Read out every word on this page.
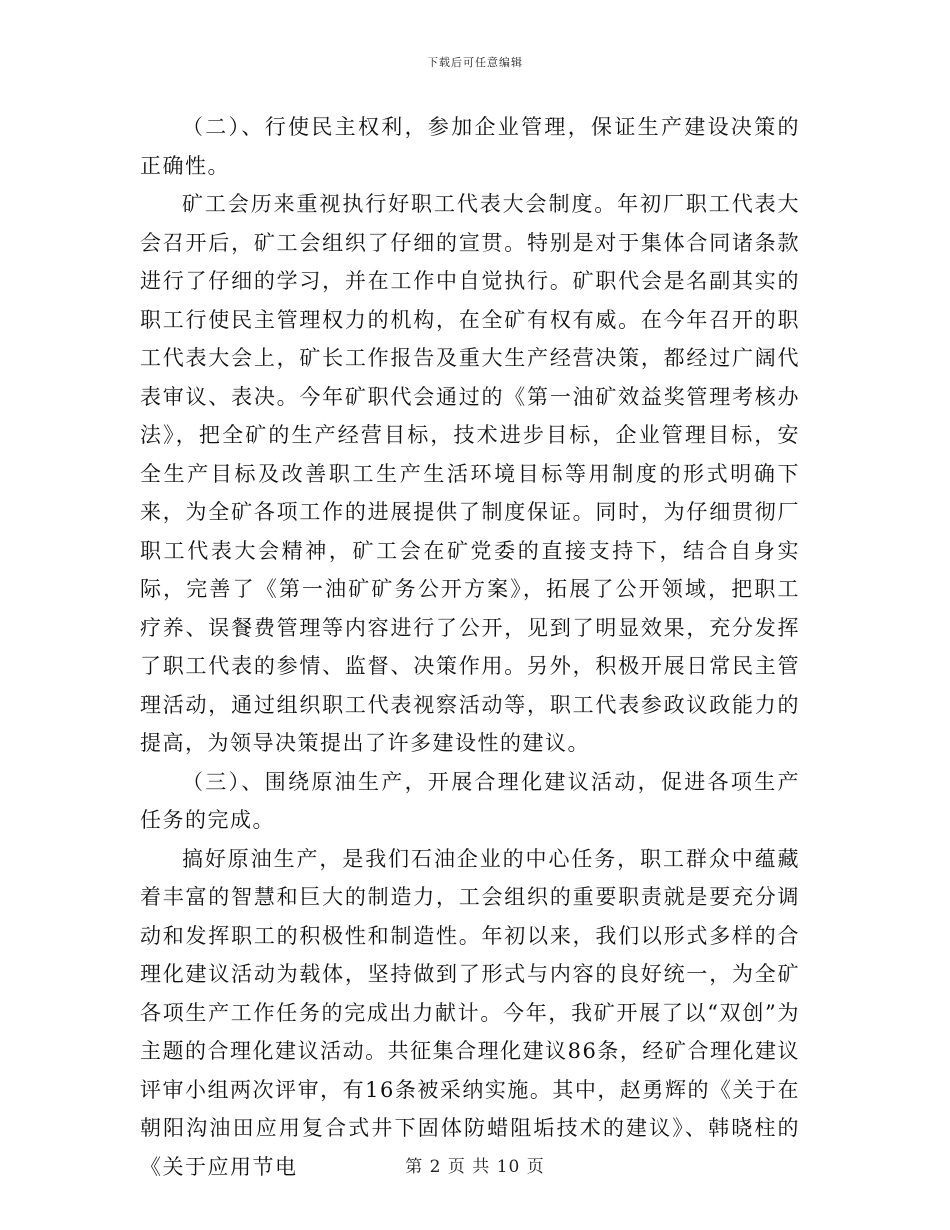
下载后可任意编辑

（二）、行使民主权利，参加企业管理，保证生产建设决策的正确性。

矿工会历来重视执行好职工代表大会制度。年初厂职工代表大会召开后，矿工会组织了仔细的宣贯。特别是对于集体合同诸条款进行了仔细的学习，并在工作中自觉执行。矿职代会是名副其实的职工行使民主管理权力的机构，在全矿有权有威。在今年召开的职工代表大会上，矿长工作报告及重大生产经营决策，都经过广阔代表审议、表决。今年矿职代会通过的《第一油矿效益奖管理考核办法》，把全矿的生产经营目标，技术进步目标，企业管理目标，安全生产目标及改善职工生产生活环境目标等用制度的形式明确下来，为全矿各项工作的进展提供了制度保证。同时，为仔细贯彻厂职工代表大会精神，矿工会在矿党委的直接支持下，结合自身实际，完善了《第一油矿矿务公开方案》，拓展了公开领域，把职工疗养、误餐费管理等内容进行了公开，见到了明显效果，充分发挥了职工代表的参情、监督、决策作用。另外，积极开展日常民主管理活动，通过组织职工代表视察活动等，职工代表参政议政能力的提高，为领导决策提出了许多建设性的建议。

（三）、围绕原油生产，开展合理化建议活动，促进各项生产任务的完成。

搞好原油生产，是我们石油企业的中心任务，职工群众中蕴藏着丰富的智慧和巨大的制造力，工会组织的重要职责就是要充分调动和发挥职工的积极性和制造性。年初以来，我们以形式多样的合理化建议活动为载体，坚持做到了形式与内容的良好统一，为全矿各项生产工作任务的完成出力献计。今年，我矿开展了以“双创”为主题的合理化建议活动。共征集合理化建议86条，经矿合理化建议评审小组两次评审，有16条被采纳实施。其中，赵勇辉的《关于在朝阳沟油田应用复合式井下固体防蜡阻垢技术的建议》、韩晓柱的《关于应用节电	第 2 页 共 10 页
